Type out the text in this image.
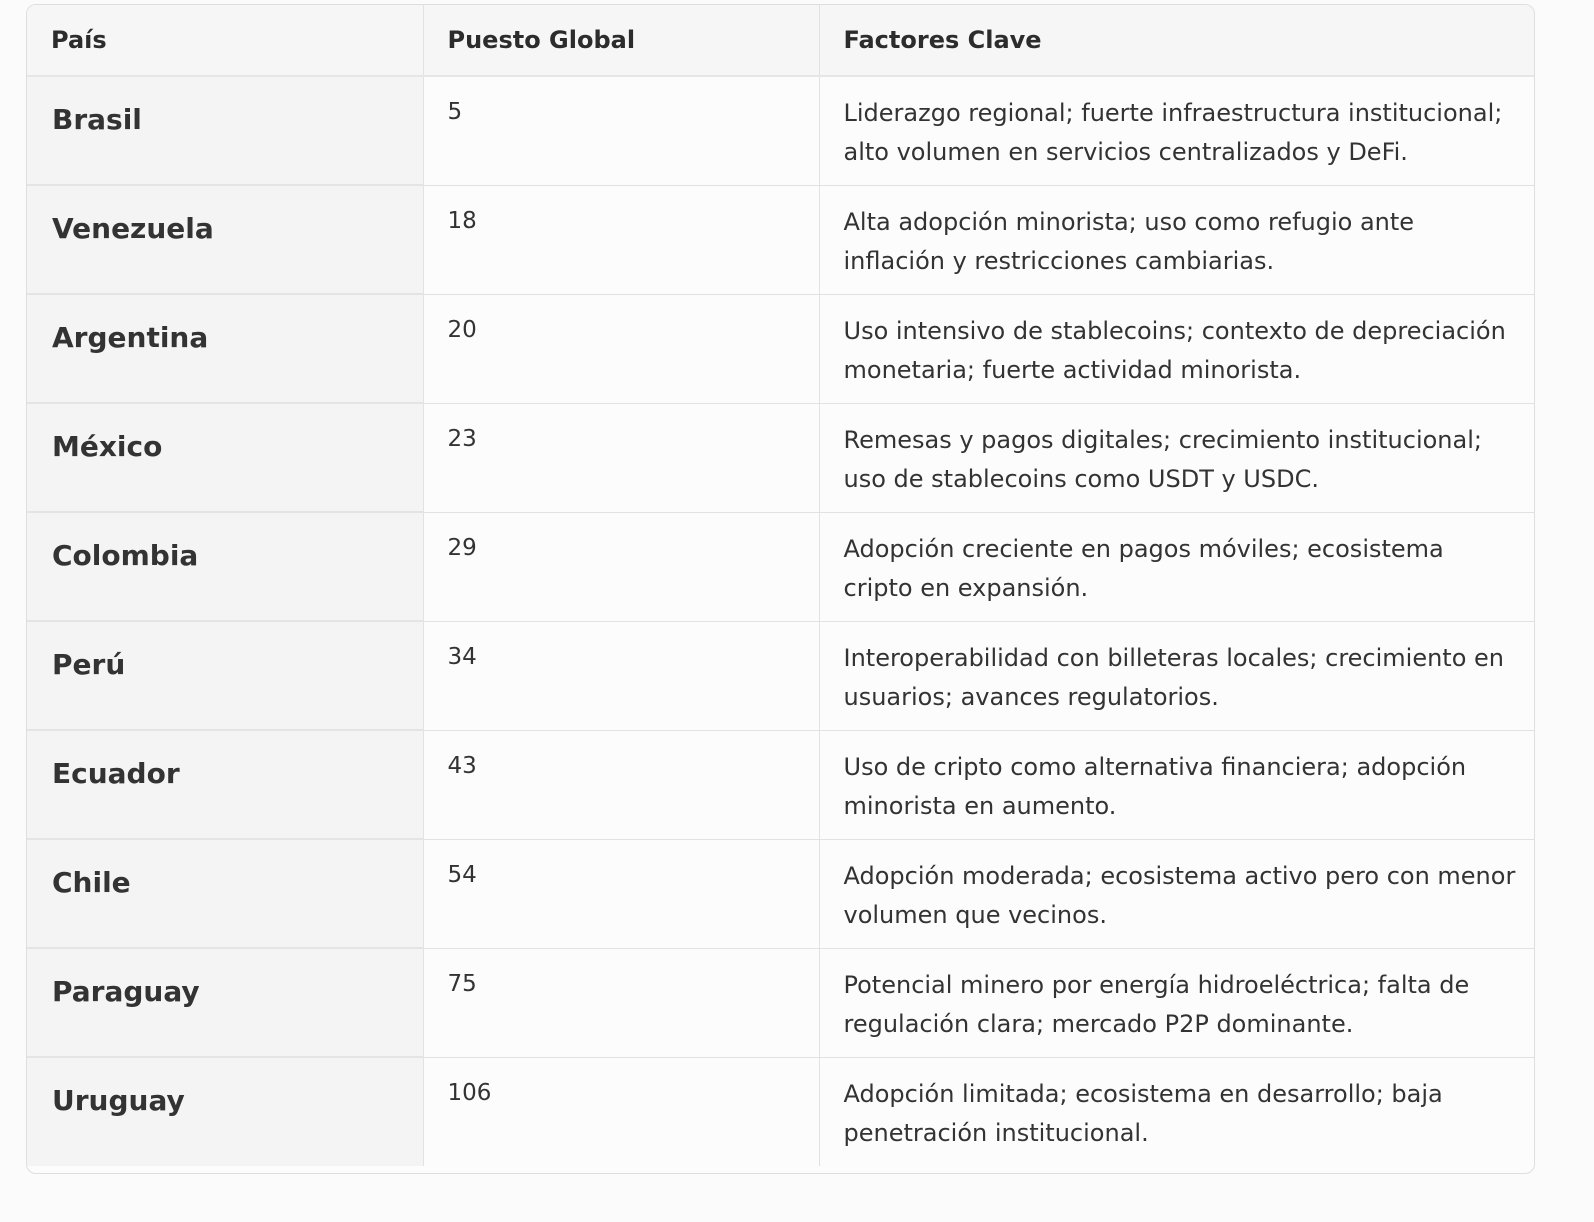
País	Puesto Global	Factores Clave
Brasil	5	Liderazgo regional; fuerte infraestructura institucional; alto volumen en servicios centralizados y DeFi.
Venezuela	18	Alta adopción minorista; uso como refugio ante inflación y restricciones cambiarias.
Argentina	20	Uso intensivo de stablecoins; contexto de depreciación monetaria; fuerte actividad minorista.
México	23	Remesas y pagos digitales; crecimiento institucional; uso de stablecoins como USDT y USDC.
Colombia	29	Adopción creciente en pagos móviles; ecosistema cripto en expansión.
Perú	34	Interoperabilidad con billeteras locales; crecimiento en usuarios; avances regulatorios.
Ecuador	43	Uso de cripto como alternativa financiera; adopción minorista en aumento.
Chile	54	Adopción moderada; ecosistema activo pero con menor volumen que vecinos.
Paraguay	75	Potencial minero por energía hidroeléctrica; falta de regulación clara; mercado P2P dominante.
Uruguay	106	Adopción limitada; ecosistema en desarrollo; baja penetración institucional.
